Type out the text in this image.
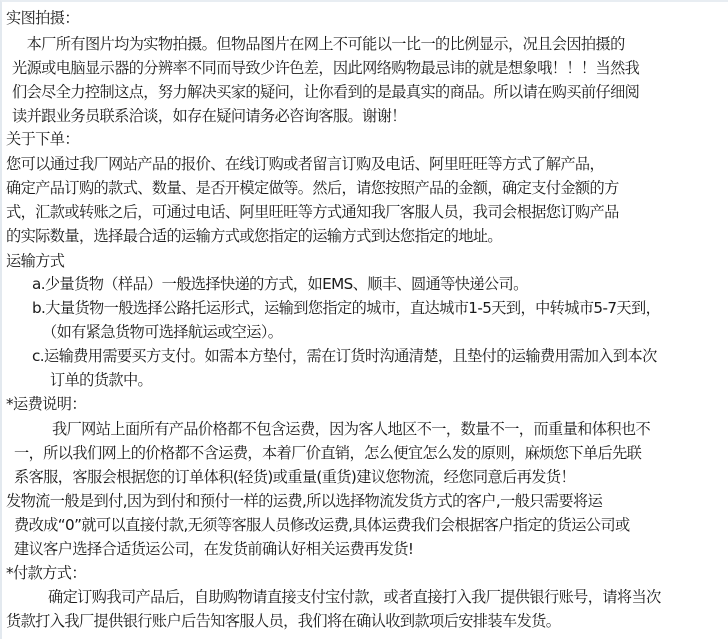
实图拍摄：
　本厂所有图片均为实物拍摄。但物品图片在网上不可能以一比一的比例显示，况且会因拍摄的
光源或电脑显示器的分辨率不同而导致少许色差，因此网络购物最忌讳的就是想象哦！！！当然我
们会尽全力控制这点，努力解决买家的疑问，让你看到的是最真实的商品。所以请在购买前仔细阅
读并跟业务员联系洽谈，如存在疑问请务必咨询客服。谢谢！
关于下单：
您可以通过我厂网站产品的报价、在线订购或者留言订购及电话、阿里旺旺等方式了解产品，
确定产品订购的款式、数量、是否开模定做等。然后，请您按照产品的金额，确定支付金额的方
式，汇款或转账之后，可通过电话、阿里旺旺等方式通知我厂客服人员，我司会根据您订购产品
的实际数量，选择最合适的运输方式或您指定的运输方式到达您指定的地址。
运输方式
a.少量货物（样品）一般选择快递的方式，如EMS、顺丰、圆通等快递公司。
b.大量货物一般选择公路托运形式，运输到您指定的城市，直达城市1-5天到，中转城市5-7天到，
（如有紧急货物可选择航运或空运）。
c.运输费用需要买方支付。如需本方垫付，需在订货时沟通清楚，且垫付的运输费用需加入到本次
订单的货款中。
*运费说明：
我厂网站上面所有产品价格都不包含运费，因为客人地区不一，数量不一，而重量和体积也不
一，所以我们网上的价格都不含运费，本着厂价直销，怎么便宜怎么发的原则，麻烦您下单后先联
系客服，客服会根据您的订单体积(轻货)或重量(重货)建议您物流，经您同意后再发货！
发物流一般是到付,因为到付和预付一样的运费,所以选择物流发货方式的客户,一般只需要将运
费改成“0”就可以直接付款,无须等客服人员修改运费,具体运费我们会根据客户指定的货运公司或
建议客户选择合适货运公司，在发货前确认好相关运费再发货!
*付款方式：
确定订购我司产品后，自助购物请直接支付宝付款，或者直接打入我厂提供银行账号，请将当次
货款打入我厂提供银行账户后告知客服人员，我们将在确认收到款项后安排装车发货。
